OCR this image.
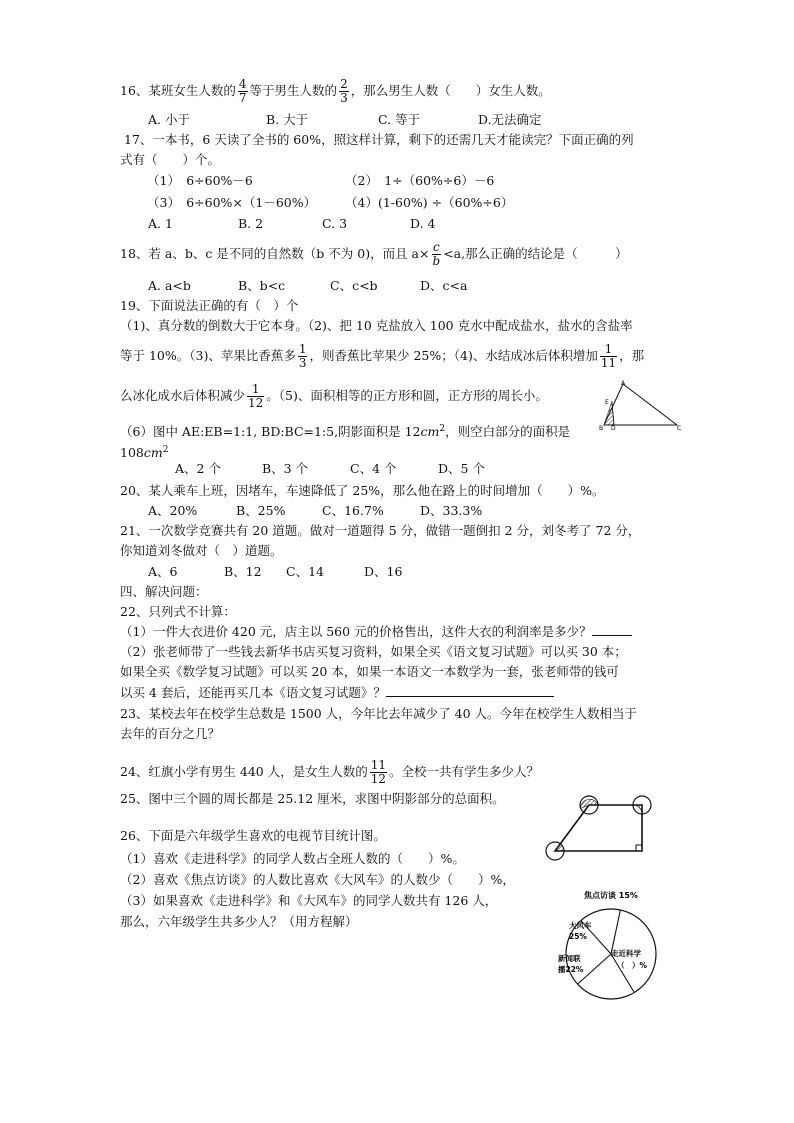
16、某班女生人数的 $\frac{4}{7}$ 等于男生人数的 $\frac{2}{3}$ ，那么男生人数（　　）女生人数。
A. 小于	B. 大于	C. 等于	D.无法确定
17、一本书，6 天读了全书的 60%，照这样计算，剩下的还需几天才能读完？下面正确的列
式有（　　）个。
（1）　6÷60%－6	（2）　1÷（60%÷6）－6
（3）　6÷60%×（1－60%） （4）(1-60%) ÷（60%÷6）
A. 1	B. 2	C. 3	D. 4
18、若 a、b、c 是不同的自然数（b 不为 0)，而且 $a\times \frac{c}{b} <a$,那么正确的结论是（　　　）
A. a<b	B、b<c	C、c<b	D、c<a
19、下面说法正确的有（　）个
（1)、真分数的倒数大于它本身。（2)、把 10 克盐放入 100 克水中配成盐水，盐水的含盐率
等于 10%。（3)、苹果比香蕉多 $\frac{1}{3}$ ，则香蕉比苹果少 25%；（4)、水结成冰后体积增加 $\frac{1}{11}$ ，那
么冰化成水后体积减少 $\frac{1}{12}$ 。（5)、面积相等的正方形和圆，正方形的周长小。
（6）图中 AE:EB=1:1, BD:BC=1:5,阴影面积是 $12cm^2$，则空白部分的面积是
$108cm^2$
A
E
B D	C
A、2 个	B、3 个	C、4 个	D、5 个
20、某人乘车上班，因堵车，车速降低了 25%，那么他在路上的时间增加（　　）%。
A、20%	B、25%	C、16.7%	D、33.3%
21、一次数学竞赛共有 20 道题。做对一道题得 5 分，做错一题倒扣 2 分，刘冬考了 72 分，
你知道刘冬做对（　）道题。
A、6	B、12 C、14	D、16
四、解决问题：
22、只列式不计算：
（1）一件大衣进价 420 元，店主以 560 元的价格售出，这件大衣的利润率是多少？
（2）张老师带了一些钱去新华书店买复习资料，如果全买《语文复习试题》可以买 30 本；
如果全买《数学复习试题》可以买 20 本，如果一本语文一本数学为一套，张老师带的钱可
以买 4 套后，还能再买几本《语文复习试题》？
23、某校去年在校学生总数是 1500 人，今年比去年减少了 40 人。今年在校学生人数相当于
去年的百分之几？
24、红旗小学有男生 440 人，是女生人数的 $\frac{11}{12}$ 。全校一共有学生多少人？
25、图中三个圆的周长都是 25.12 厘米，求图中阴影部分的总面积。
26、下面是六年级学生喜欢的电视节目统计图。
（1）喜欢《走进科学》的同学人数占全班人数的（　　）%。
（2）喜欢《焦点访谈》的人数比喜欢《大风车》的人数少（　　）%，
（3）如果喜欢《走进科学》和《大风车》的同学人数共有 126 人，
那么，六年级学生共多少人？（用方程解）
焦点访谈 15%
大风车
25%
新闻联
播22%
走近科学
（　）%
